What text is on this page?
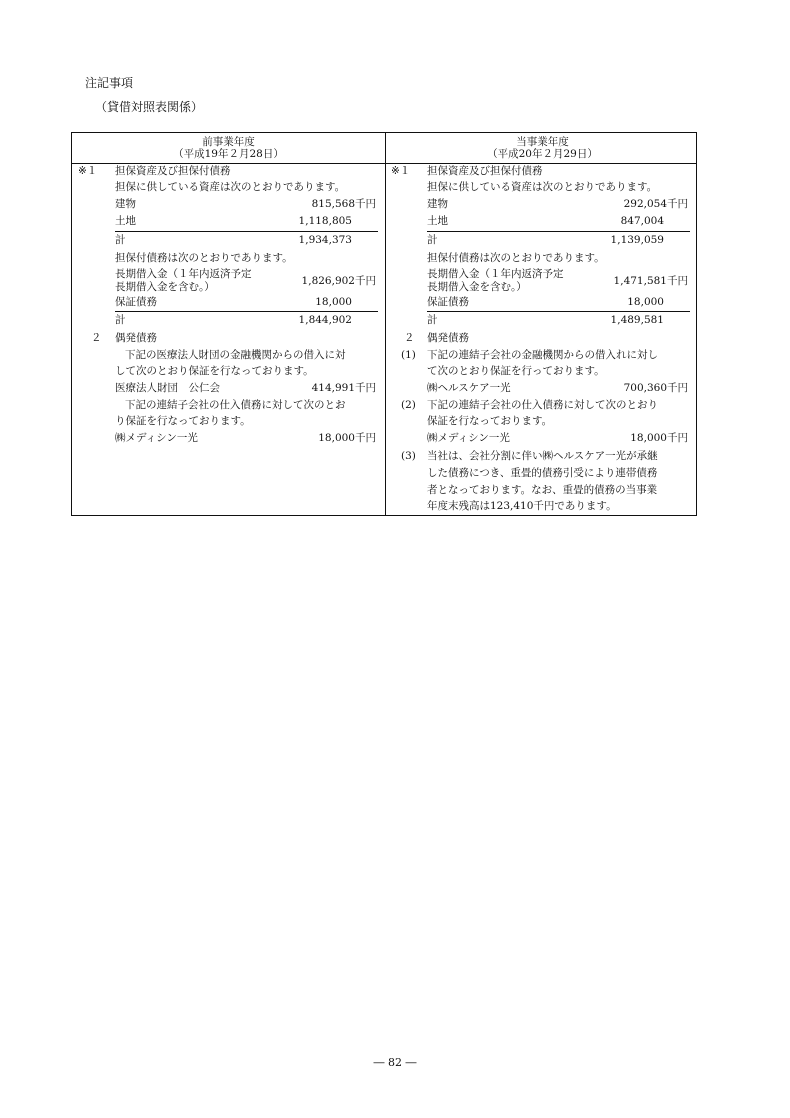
注記事項
（貸借対照表関係）
前事業年度
（平成19年２月28日）
当事業年度
（平成20年２月29日）
※１ 担保資産及び担保付債務
担保に供している資産は次のとおりであります。
建物	815,568千円
土地	1,118,805
計	1,934,373
担保付債務は次のとおりであります。
長期借入金（１年内返済予定
長期借入金を含む。）	1,826,902千円
保証債務	18,000
計	1,844,902
２ 偶発債務
下記の医療法人財団の金融機関からの借入に対
して次のとおり保証を行なっております。
医療法人財団　公仁会	414,991千円
下記の連結子会社の仕入債務に対して次のとお
り保証を行なっております。
㈱メディシン一光	18,000千円
※１ 担保資産及び担保付債務
担保に供している資産は次のとおりであります。
建物	292,054千円
土地	847,004
計	1,139,059
担保付債務は次のとおりであります。
長期借入金（１年内返済予定
長期借入金を含む。）	1,471,581千円
保証債務	18,000
計	1,489,581
２ 偶発債務
(1) 下記の連結子会社の金融機関からの借入れに対し
て次のとおり保証を行っております。
㈱ヘルスケア一光	700,360千円
(2) 下記の連結子会社の仕入債務に対して次のとおり
保証を行なっております。
㈱メディシン一光	18,000千円
(3) 当社は、会社分割に伴い㈱ヘルスケア一光が承継
した債務につき、重畳的債務引受により連帯債務
者となっております。なお、重畳的債務の当事業
年度末残高は123,410千円であります。
― 82 ―
